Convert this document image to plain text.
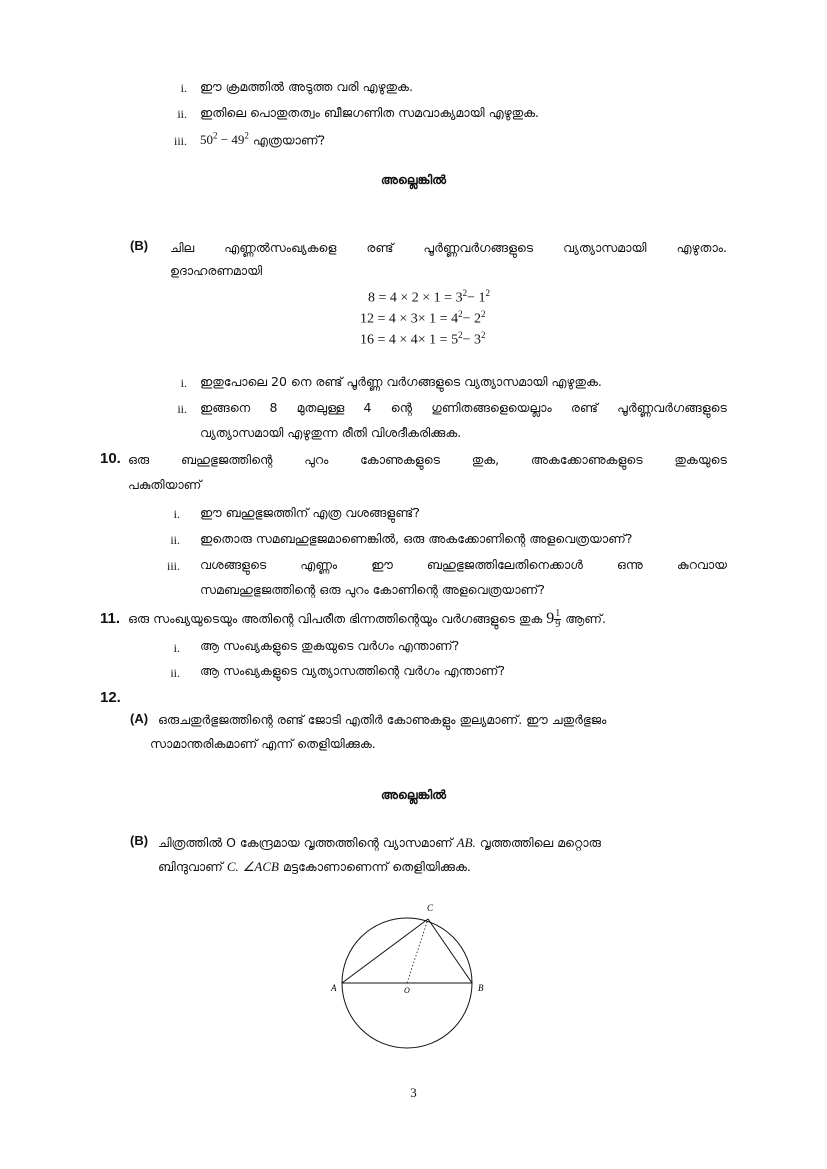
i. ഈ ക്രമത്തിൽ അടുത്ത വരി എഴുതുക.
ii. ഇതിലെ പൊതുതത്വം ബീജഗണിത സമവാക്യമായി എഴുതുക.
iii. $50^2 - 49^2$ എത്രയാണ്?
അല്ലെങ്കിൽ
(B) ചില എണ്ണൽസംഖ്യകളെ രണ്ട് പൂർണ്ണവർഗങ്ങളുടെ വ്യത്യാസമായി എഴുതാം.
ഉദാഹരണമായി
$8 = 4 \times 2 \times 1 = 3^2- 1^2$
$12 = 4 \times 3\times 1 = 4^2- 2^2$
$16 = 4 \times 4\times 1 = 5^2- 3^2$
i. ഇതുപോലെ 20 നെ രണ്ട് പൂർണ്ണ വർഗങ്ങളുടെ വ്യത്യാസമായി എഴുതുക.
ii. ഇങ്ങനെ 8 മുതലുള്ള 4 ന്റെ ഗുണിതങ്ങളെയെല്ലാം രണ്ട് പൂർണ്ണവർഗങ്ങളുടെ
വ്യത്യാസമായി എഴുതുന്ന രീതി വിശദീകരിക്കുക.
10. ഒരു	ബഹുഭുജത്തിന്റെ	പുറം	കോണുകളുടെ	തുക,	അകക്കോണുകളുടെ	തുകയുടെ
പകുതിയാണ്
i. ഈ ബഹുഭുജത്തിന് എത്ര വശങ്ങളുണ്ട്?
ii. ഇതൊരു സമബഹുഭുജമാണെങ്കിൽ, ഒരു അകക്കോണിന്റെ അളവെത്രയാണ്?
iii. വശങ്ങളുടെ	എണ്ണം	ഈ	ബഹുഭുജത്തിലേതിനെക്കാൾ	ഒന്നു	കുറവായ
സമബഹുഭുജത്തിന്റെ ഒരു പുറം കോണിന്റെ അളവെത്രയാണ്?
11. ഒരു സംഖ്യയുടെയും അതിന്റെ വിപരീത ഭിന്നത്തിന്റെയും വർഗങ്ങളുടെ തുക $9 \frac{1}{9}$ ആണ്.
i. ആ സംഖ്യകളുടെ തുകയുടെ വർഗം എന്താണ്?
ii. ആ സംഖ്യകളുടെ വ്യത്യാസത്തിന്റെ വർഗം എന്താണ്?
12.
(A) ഒരുചതുർഭുജത്തിന്റെ രണ്ട് ജോടി എതിർ കോണുകളും തുല്യമാണ്. ഈ ചതുർഭുജം
സാമാന്തരികമാണ് എന്ന് തെളിയിക്കുക.
അല്ലെങ്കിൽ
(B) ചിത്രത്തിൽ O കേന്ദ്രമായ വൃത്തത്തിന്റെ വ്യാസമാണ് AB. വൃത്തത്തിലെ മറ്റൊരു
ബിന്ദുവാണ് C. ∠ACB മട്ടകോണാണെന്ന് തെളിയിക്കുക.
A	B
C
O
3
